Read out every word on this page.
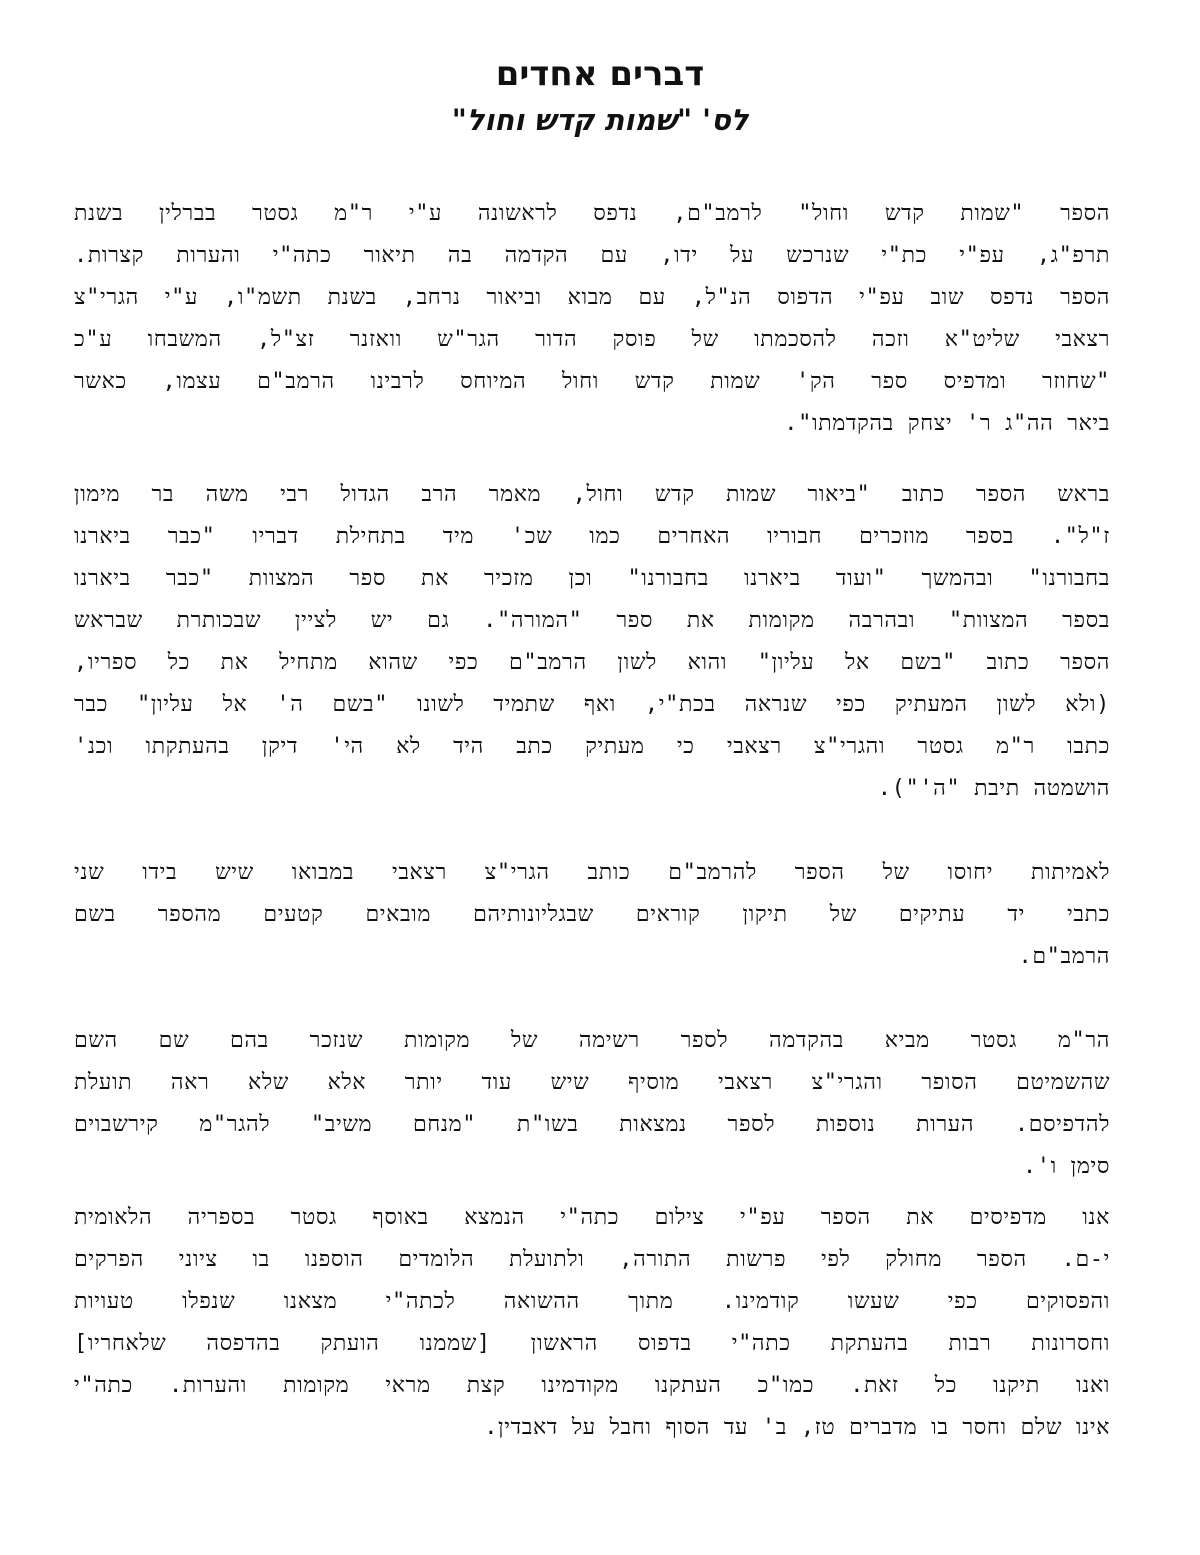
דברים אחדים
לס' "שמות קדש וחול"
הספר "שמות קדש וחול" לרמב"ם, נדפס לראשונה ע"י ר"מ גסטר בברלין בשנת
תרפ"ג, עפ"י כת"י שנרכש על ידו, עם הקדמה בה תיאור כתה"י והערות קצרות.
הספר נדפס שוב עפ"י הדפוס הנ"ל, עם מבוא וביאור נרחב, בשנת תשמ"ו, ע"י הגרי"צ
רצאבי שליט"א וזכה להסכמתו של פוסק הדור הגר"ש וואזנר זצ"ל, המשבחו ע"כ
"שחוזר ומדפיס ספר הק' שמות קדש וחול המיוחס לרבינו הרמב"ם עצמו, כאשר
ביאר הה"ג ר' יצחק בהקדמתו".
בראש הספר כתוב "ביאור שמות קדש וחול, מאמר הרב הגדול רבי משה בר מימון
ז"ל". בספר מוזכרים חבוריו האחרים כמו שכ' מיד בתחילת דבריו "כבר ביארנו
בחבורנו" ובהמשך "ועוד ביארנו בחבורנו" וכן מזכיר את ספר המצוות "כבר ביארנו
בספר המצוות" ובהרבה מקומות את ספר "המורה". גם יש לציין שבכותרת שבראש
הספר כתוב "בשם אל עליון" והוא לשון הרמב"ם כפי שהוא מתחיל את כל ספריו,
(ולא לשון המעתיק כפי שנראה בכת"י, ואף שתמיד לשונו "בשם ה' אל עליון" כבר
כתבו ר"מ גסטר והגרי"צ רצאבי כי מעתיק כתב היד לא הי' דיקן בהעתקתו וכנ'
הושמטה תיבת "ה'").
לאמיתות יחוסו של הספר להרמב"ם כותב הגרי"צ רצאבי במבואו שיש בידו שני
כתבי יד עתיקים של תיקון קוראים שבגליונותיהם מובאים קטעים מהספר בשם
הרמב"ם.
הר"מ גסטר מביא בהקדמה לספר רשימה של מקומות שנזכר בהם שם השם
שהשמיטם הסופר והגרי"צ רצאבי מוסיף שיש עוד יותר אלא שלא ראה תועלת
להדפיסם. הערות נוספות לספר נמצאות בשו"ת "מנחם משיב" להגר"מ קירשבוים
סימן ו'.
אנו מדפיסים את הספר עפ"י צילום כתה"י הנמצא באוסף גסטר בספריה הלאומית
י-ם. הספר מחולק לפי פרשות התורה, ולתועלת הלומדים הוספנו בו ציוני הפרקים
והפסוקים כפי שעשו קודמינו. מתוך ההשואה לכתה"י מצאנו שנפלו טעויות
וחסרונות רבות בהעתקת כתה"י בדפוס הראשון [שממנו הועתק בהדפסה שלאחריו]
ואנו תיקנו כל זאת. כמו"כ העתקנו מקודמינו קצת מראי מקומות והערות. כתה"י
אינו שלם וחסר בו מדברים טז, ב' עד הסוף וחבל על דאבדין.
